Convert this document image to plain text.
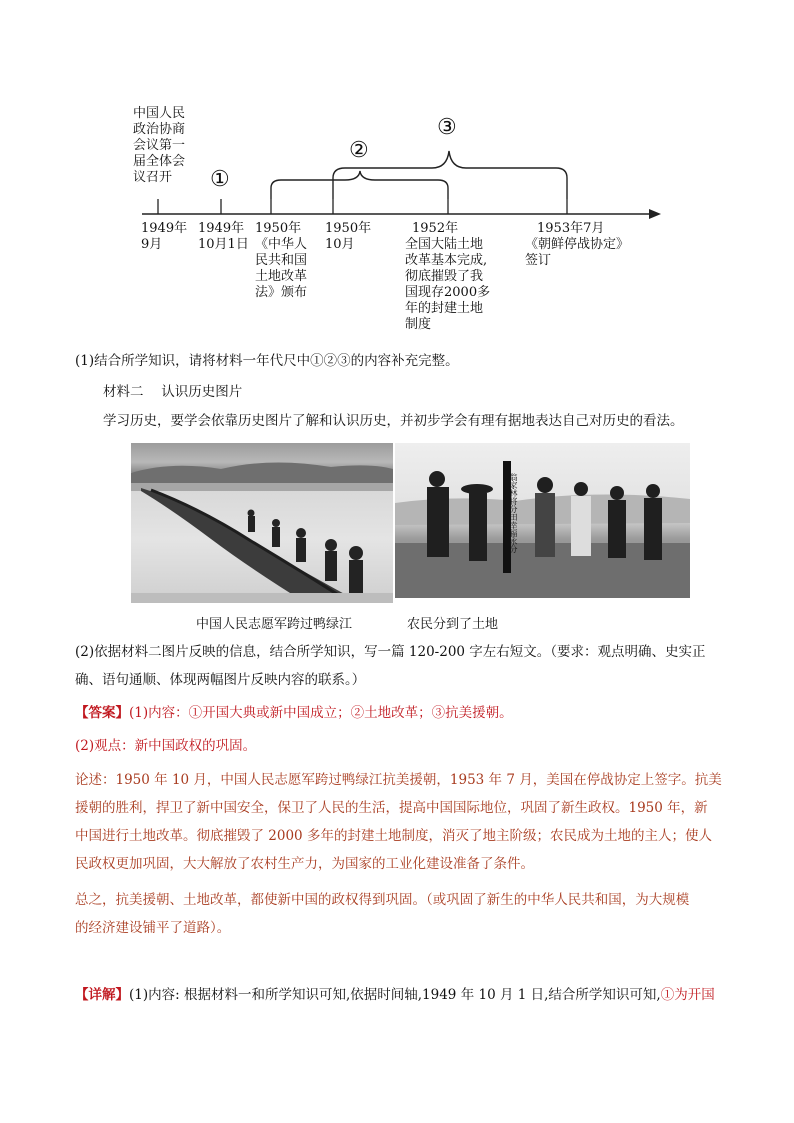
中国人民
政治协商
会议第一
届全体会
议召开	①
②
③
1949年
9月
1949年
10月1日
1950年
《中华人
民共和国
土地改革
法》颁布
1950年
10月
1952年
全国大陆土地
改革基本完成,
彻底摧毁了我
国现存2000多
年的封建土地
制度
1953年7月
《朝鲜停战协定》
签订
(1)结合所学知识，请将材料一年代尺中①②③的内容补充完整。
材料二　 认识历史图片
学习历史，要学会依靠历史图片了解和认识历史，并初步学会有理有据地表达自己对历史的看法。
翁家林将分田幸福永分
中国人民志愿军跨过鸭绿江	农民分到了土地
(2)依据材料二图片反映的信息，结合所学知识，写一篇 120-200 字左右短文。（要求：观点明确、史实正
确、语句通顺、体现两幅图片反映内容的联系。）
【答案】(1)内容：①开国大典或新中国成立；②土地改革；③抗美援朝。
(2)观点：新中国政权的巩固。
论述：1950 年 10 月，中国人民志愿军跨过鸭绿江抗美援朝，1953 年 7 月，美国在停战协定上签字。抗美
援朝的胜利，捍卫了新中国安全，保卫了人民的生活，提高中国国际地位，巩固了新生政权。1950 年，新
中国进行土地改革。彻底摧毁了 2000 多年的封建土地制度，消灭了地主阶级；农民成为土地的主人；使人
民政权更加巩固，大大解放了农村生产力，为国家的工业化建设准备了条件。
总之，抗美援朝、土地改革，都使新中国的政权得到巩固。（或巩固了新生的中华人民共和国，为大规模
的经济建设铺平了道路）。
【详解】(1)内容: 根据材料一和所学知识可知,依据时间轴,1949 年 10 月 1 日,结合所学知识可知,①为开国
